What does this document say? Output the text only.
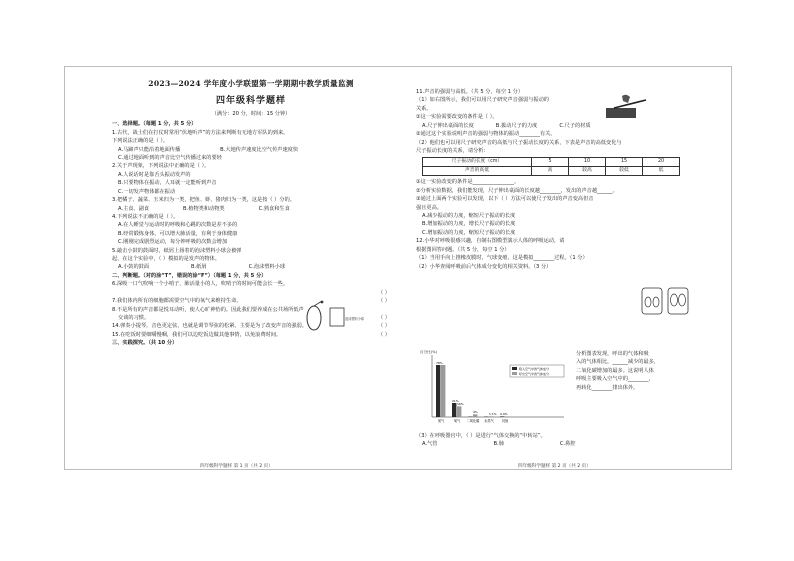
2023—2024 学年度小学联盟第一学期期中教学质量监测
四年级科学题样
（满分：20 分，时间：15 分钟）
一、选择题。（每题 1 分，共 5 分）
1.古代，战士们在打仗时常用“伏地听声”的方法来判断有无地方军队的到来。
下列说法正确的是（ ）。
A.马蹄声只能沿着地面传播	B.大地传声速度比空气传声速度快
C.通过地面听到的声音比空气传播过来的要轻
2.关于声现象，下列说法中正确的是（ ）。
A.人说话时是靠舌头振动发声的
B.只要物体在振动，人耳就一定能听到声音
C.一切发声物体都在振动
3.把橘子、蔬菜、玉米归为一类，把鱼、虾、猪肉归为一类，这是按（ ）分的。
A.主食、副食	B.植物类和动物类	C.熟食和生食
4.下列说法不正确的是（ ）。
A.在人睡觉与运动时的呼吸和心跳的次数是差不多的
B.经常锻炼身体，可以增大肺活量，有利于身体健康
C.刚刚完成剧烈运动，每分钟呼吸的次数会增加
5.敲击小鼓的鼓面时，纸屑上扬着的泡沫塑料小球会被弹
起，在这个实验中，（ ）模拟的是发声的物体。
A.小鼓的鼓面	B.纸屑	C.泡沫塑料小球
二、判断题。（对的涂“T”，错误的涂“F”）（每题 1 分，共 5 分）
6.深吸一口气吹响一个小哨子，肺活量小的人，吹哨子的时间可能会长一些。
（ ）
7.我们体内所有的细胞都需要空气中的氧气来维持生命。	（ ）
8.不是所有的声音都是悦耳动听，使人心旷神怡的。因此我们要养成在公共场所低声
交谈的习惯。	（ ）
14.弹奏小提琴，音色更定弦，也就是调节琴弦的松紧，主要是为了改变声音的强弱。	（ ）
15.在吃饭时要细嚼慢咽，我们可以边吃饭边做其他事情，以免浪费时间。	（ ）
三、实践探究。（共 10 分）
泡沫塑料小球
四年级科学题样 第 1 页（共 2 页）
11.声音的强弱与高低。（共 5 分，每空 1 分）
（1）如右图所示，我们可以用尺子研究声音强弱与振动的
关系。
①这一实验需要改变的条件是（ ）。
A.尺子伸出桌面的长度	B.拨动尺子的力度	C.尺子的材质
②通过这个实验说明声音的强弱与物体的振动________有关。
（2）他们也可以用尺子研究声音的高低与尺子振动长度的关系，下表是声音的高低变化与
尺子振动长度的关系，请分析：
尺子振动的长度（cm）	5	10	15	20
声音的高低	高	较高	较低	低
①这一实验改变的条件是________________。
②分析实验数据，我们能发现，尺子伸出桌面的长度越________，发出的声音越______。
③通过上面两个实验可以发现，以下（ ）方法可以使尺子发出的声音变高但音
强且更高。
A.减少振动的力度，缩短尺子振动的长度
B.增加振动的力度，增长尺子振动的长度
C.增加振动的力度，缩短尺子振动的长度
12.小华对呼吸很感兴趣，自制右图模型演示人体的呼吸运动，请
根据图回答问题。（共 5 分，每空 1 分）
（1）当用手向上推橡皮膜时，气球变瘪，这是模拟________过程。（1 分）
（2）小华查阅呼吸前后气体成分变化的相关资料。（3 分）
百分比(%)
78%
21%
16%
4%	1.1% 0.9%
氮气	氧气 二氧化碳 水蒸气	其他
吸入空气中的气体成分
呼出空气中的气体成分
分析图表发现，呼出的气体和吸
入的气体相比，______减少的最多，
二氧化碳增加的最多。这说明人体
呼吸主要吸入空气中的________，
再转化________排出体外。
（3）在呼吸器官中，（ ）是进行“气体交换的“中转站”。
A.气管	B.肺	C.鼻腔
四年级科学题样 第 2 页（共 2 页）
